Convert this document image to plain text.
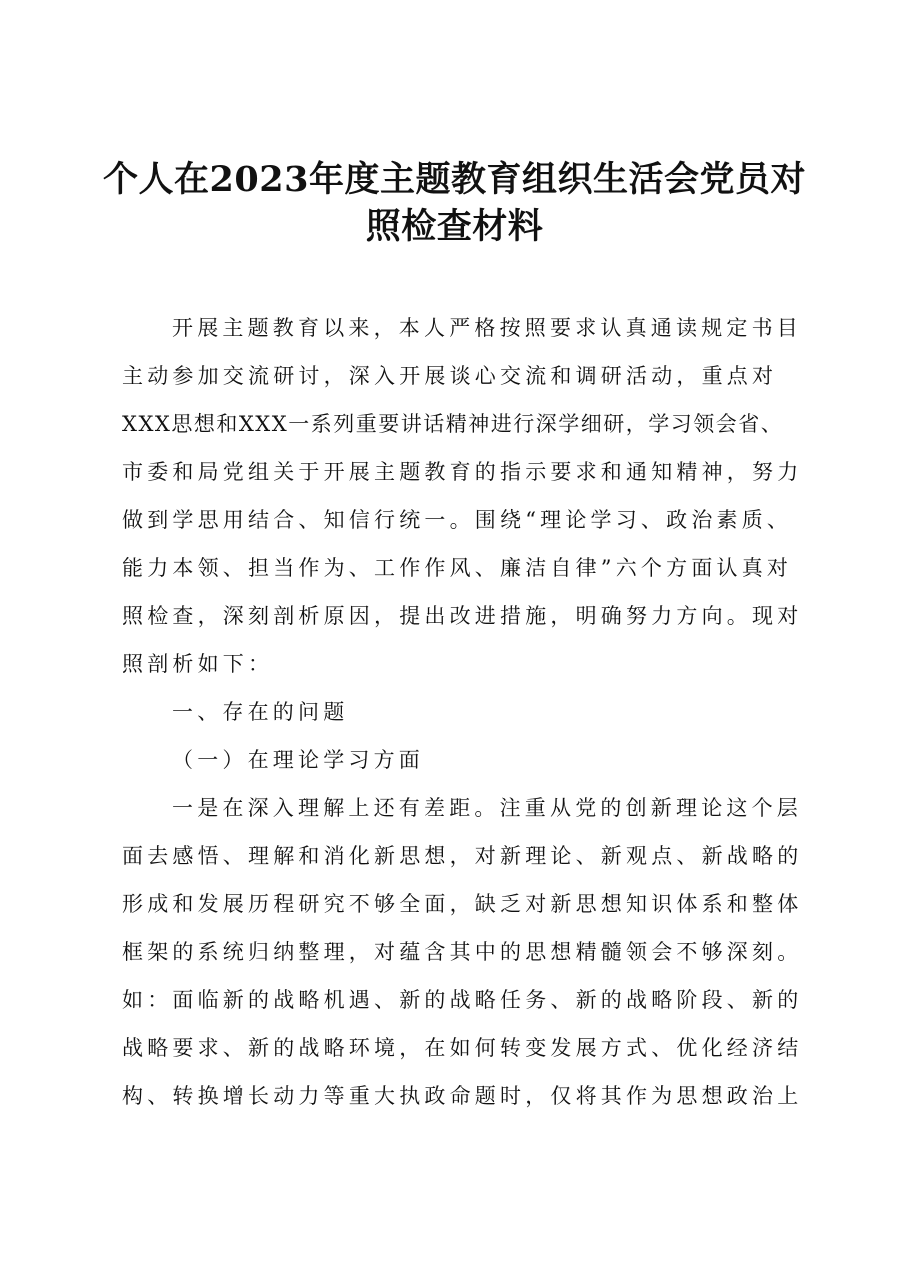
个人在2023年度主题教育组织生活会党员对
照检查材料

开展主题教育以来，本人严格按照要求认真通读规定书目

主动参加交流研讨，深入开展谈心交流和调研活动，重点对

XXX思想和XXX一系列重要讲话精神进行深学细研，学习领会省、

市委和局党组关于开展主题教育的指示要求和通知精神，努力

做到学思用结合、知信行统一。围绕“理论学习、政治素质、

能力本领、担当作为、工作作风、廉洁自律”六个方面认真对

照检查，深刻剖析原因，提出改进措施，明确努力方向。现对

照剖析如下：

一、存在的问题

（一）在理论学习方面

一是在深入理解上还有差距。注重从党的创新理论这个层

面去感悟、理解和消化新思想，对新理论、新观点、新战略的

形成和发展历程研究不够全面，缺乏对新思想知识体系和整体

框架的系统归纳整理，对蕴含其中的思想精髓领会不够深刻。

如：面临新的战略机遇、新的战略任务、新的战略阶段、新的

战略要求、新的战略环境，在如何转变发展方式、优化经济结

构、转换增长动力等重大执政命题时，仅将其作为思想政治上
